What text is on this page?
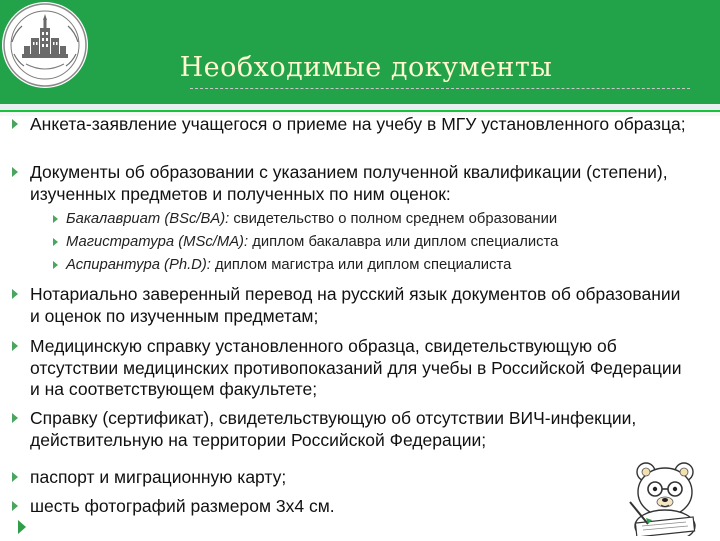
Необходимые документы
Анкета-заявление учащегося о приеме на учебу в МГУ установленного образца;
Документы об образовании с указанием полученной квалификации (степени), изученных предметов и полученных по ним оценок:
Бакалавриат (BSc/BA): свидетельство о полном среднем образовании
Магистратура (MSc/MA): диплом бакалавра или диплом специалиста
Аспирантура (Ph.D): диплом магистра или диплом специалиста
Нотариально заверенный перевод на русский язык документов об образовании и оценок по изученным предметам;
Медицинскую справку установленного образца, свидетельствующую об отсутствии медицинских противопоказаний для учебы в Российской Федерации и на соответствующем факультете;
Справку (сертификат), свидетельствующую об отсутствии ВИЧ-инфекции, действительную на территории Российской Федерации;
паспорт и миграционную карту;
шесть фотографий размером 3х4 см.
